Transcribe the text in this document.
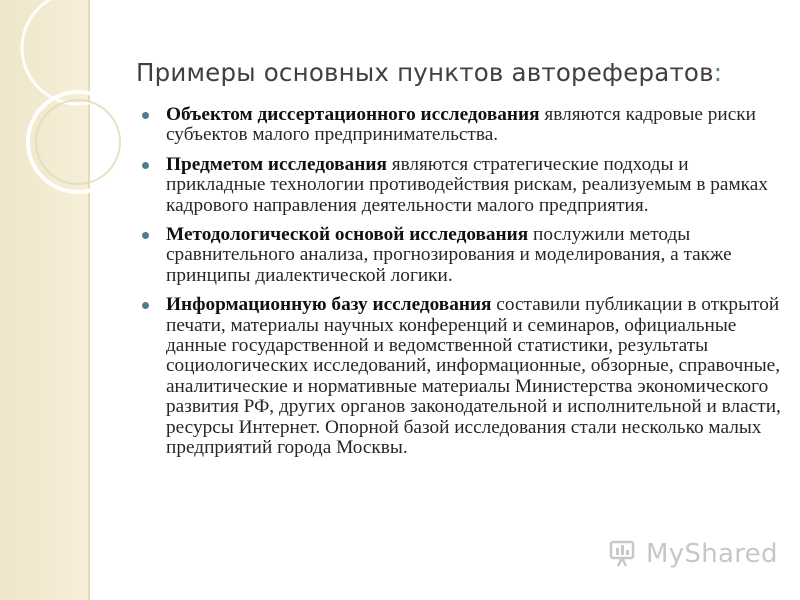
Примеры основных пунктов авторефератов:
Объектом диссертационного исследования являются кадровые риски субъектов малого предпринимательства.
Предметом исследования являются стратегические подходы и прикладные технологии противодействия рискам, реализуемым в рамках кадрового направления деятельности малого предприятия.
Методологической основой исследования послужили методы сравнительного анализа, прогнозирования и моделирования, а также принципы диалектической логики.
Информационную базу исследования составили публикации в открытой печати, материалы научных конференций и семинаров, официальные данные государственной и ведомственной статистики, результаты социологических исследований, информационные, обзорные, справочные, аналитические и нормативные материалы Министерства экономического развития РФ, других органов законодательной и исполнительной и власти, ресурсы Интернет. Опорной базой исследования стали несколько малых предприятий города Москвы.
MyShared
